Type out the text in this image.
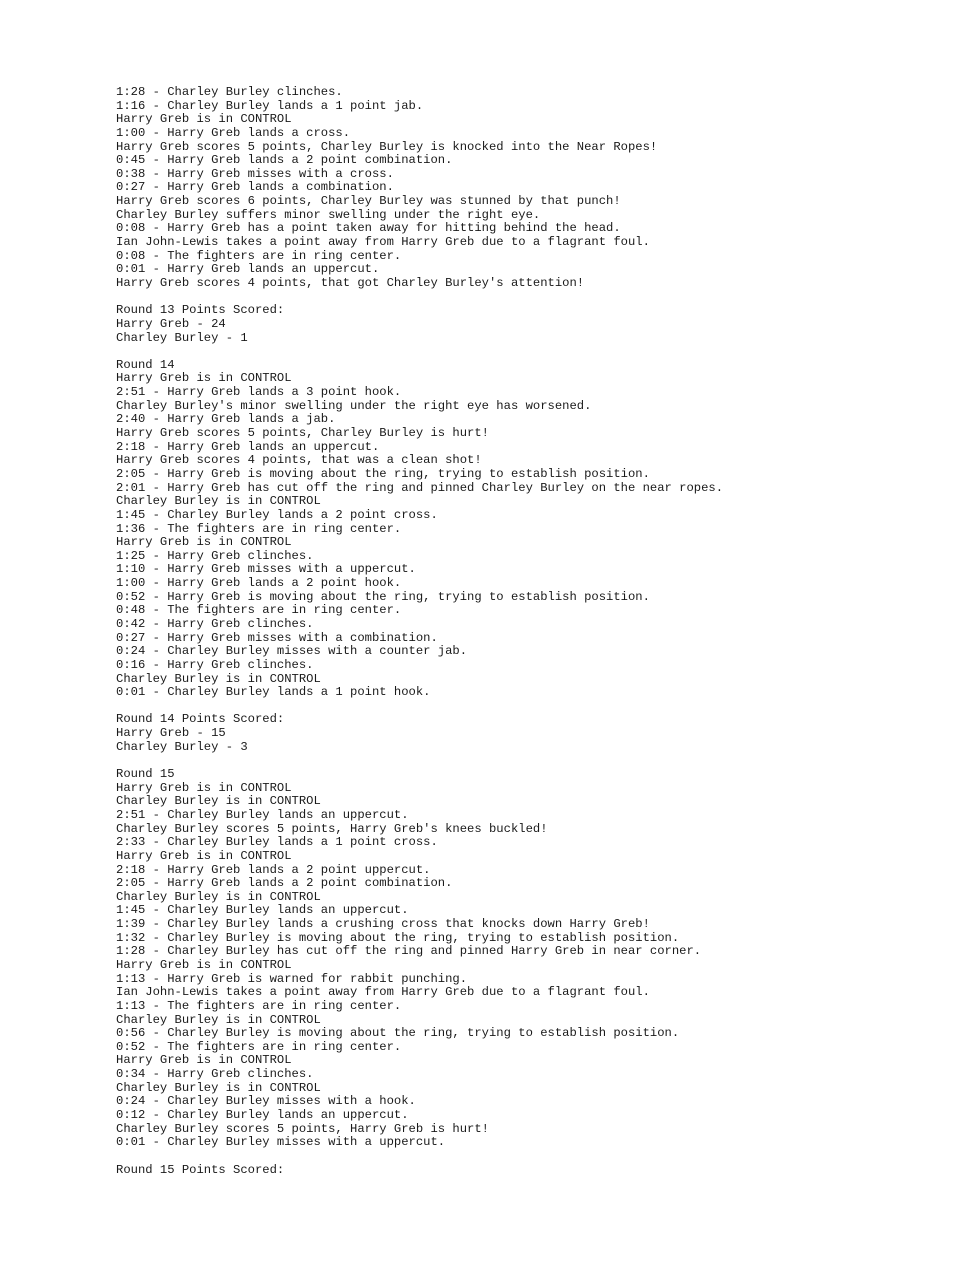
1:28 - Charley Burley clinches.
1:16 - Charley Burley lands a 1 point jab.
Harry Greb is in CONTROL
1:00 - Harry Greb lands a cross.
Harry Greb scores 5 points, Charley Burley is knocked into the Near Ropes!
0:45 - Harry Greb lands a 2 point combination.
0:38 - Harry Greb misses with a cross.
0:27 - Harry Greb lands a combination.
Harry Greb scores 6 points, Charley Burley was stunned by that punch!
Charley Burley suffers minor swelling under the right eye.
0:08 - Harry Greb has a point taken away for hitting behind the head.
Ian John-Lewis takes a point away from Harry Greb due to a flagrant foul.
0:08 - The fighters are in ring center.
0:01 - Harry Greb lands an uppercut.
Harry Greb scores 4 points, that got Charley Burley's attention!
Round 13 Points Scored:
Harry Greb - 24
Charley Burley - 1
Round 14
Harry Greb is in CONTROL
2:51 - Harry Greb lands a 3 point hook.
Charley Burley's minor swelling under the right eye has worsened.
2:40 - Harry Greb lands a jab.
Harry Greb scores 5 points, Charley Burley is hurt!
2:18 - Harry Greb lands an uppercut.
Harry Greb scores 4 points, that was a clean shot!
2:05 - Harry Greb is moving about the ring, trying to establish position.
2:01 - Harry Greb has cut off the ring and pinned Charley Burley on the near ropes.
Charley Burley is in CONTROL
1:45 - Charley Burley lands a 2 point cross.
1:36 - The fighters are in ring center.
Harry Greb is in CONTROL
1:25 - Harry Greb clinches.
1:10 - Harry Greb misses with a uppercut.
1:00 - Harry Greb lands a 2 point hook.
0:52 - Harry Greb is moving about the ring, trying to establish position.
0:48 - The fighters are in ring center.
0:42 - Harry Greb clinches.
0:27 - Harry Greb misses with a combination.
0:24 - Charley Burley misses with a counter jab.
0:16 - Harry Greb clinches.
Charley Burley is in CONTROL
0:01 - Charley Burley lands a 1 point hook.
Round 14 Points Scored:
Harry Greb - 15
Charley Burley - 3
Round 15
Harry Greb is in CONTROL
Charley Burley is in CONTROL
2:51 - Charley Burley lands an uppercut.
Charley Burley scores 5 points, Harry Greb's knees buckled!
2:33 - Charley Burley lands a 1 point cross.
Harry Greb is in CONTROL
2:18 - Harry Greb lands a 2 point uppercut.
2:05 - Harry Greb lands a 2 point combination.
Charley Burley is in CONTROL
1:45 - Charley Burley lands an uppercut.
1:39 - Charley Burley lands a crushing cross that knocks down Harry Greb!
1:32 - Charley Burley is moving about the ring, trying to establish position.
1:28 - Charley Burley has cut off the ring and pinned Harry Greb in near corner.
Harry Greb is in CONTROL
1:13 - Harry Greb is warned for rabbit punching.
Ian John-Lewis takes a point away from Harry Greb due to a flagrant foul.
1:13 - The fighters are in ring center.
Charley Burley is in CONTROL
0:56 - Charley Burley is moving about the ring, trying to establish position.
0:52 - The fighters are in ring center.
Harry Greb is in CONTROL
0:34 - Harry Greb clinches.
Charley Burley is in CONTROL
0:24 - Charley Burley misses with a hook.
0:12 - Charley Burley lands an uppercut.
Charley Burley scores 5 points, Harry Greb is hurt!
0:01 - Charley Burley misses with a uppercut.
Round 15 Points Scored:
